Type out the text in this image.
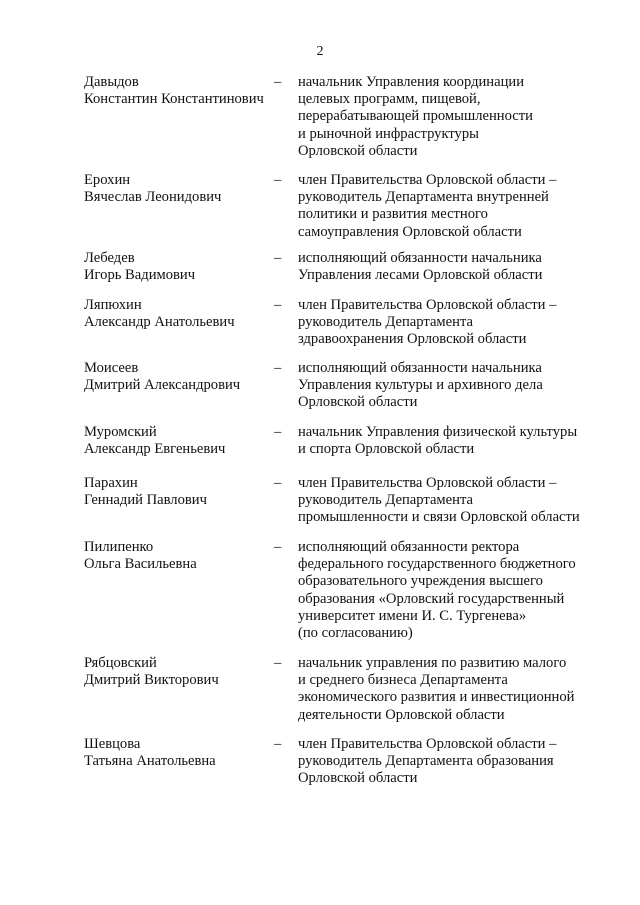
2
Давыдов
Константин Константинович
– начальник Управления координации
целевых программ, пищевой,
перерабатывающей промышленности
и рыночной инфраструктуры
Орловской области
Ерохин
Вячеслав Леонидович
– член Правительства Орловской области –
руководитель Департамента внутренней
политики и развития местного
самоуправления Орловской области
Лебедев
Игорь Вадимович
– исполняющий обязанности начальника
Управления лесами Орловской области
Ляпюхин
Александр Анатольевич
– член Правительства Орловской области –
руководитель Департамента
здравоохранения Орловской области
Моисеев
Дмитрий Александрович
– исполняющий обязанности начальника
Управления культуры и архивного дела
Орловской области
Муромский
Александр Евгеньевич
– начальник Управления физической культуры
и спорта Орловской области
Парахин
Геннадий Павлович
– член Правительства Орловской области –
руководитель Департамента
промышленности и связи Орловской области
Пилипенко
Ольга Васильевна
– исполняющий обязанности ректора
федерального государственного бюджетного
образовательного учреждения высшего
образования «Орловский государственный
университет имени И. С. Тургенева»
(по согласованию)
Рябцовский
Дмитрий Викторович
– начальник управления по развитию малого
и среднего бизнеса Департамента
экономического развития и инвестиционной
деятельности Орловской области
Шевцова
Татьяна Анатольевна
– член Правительства Орловской области –
руководитель Департамента образования
Орловской области
